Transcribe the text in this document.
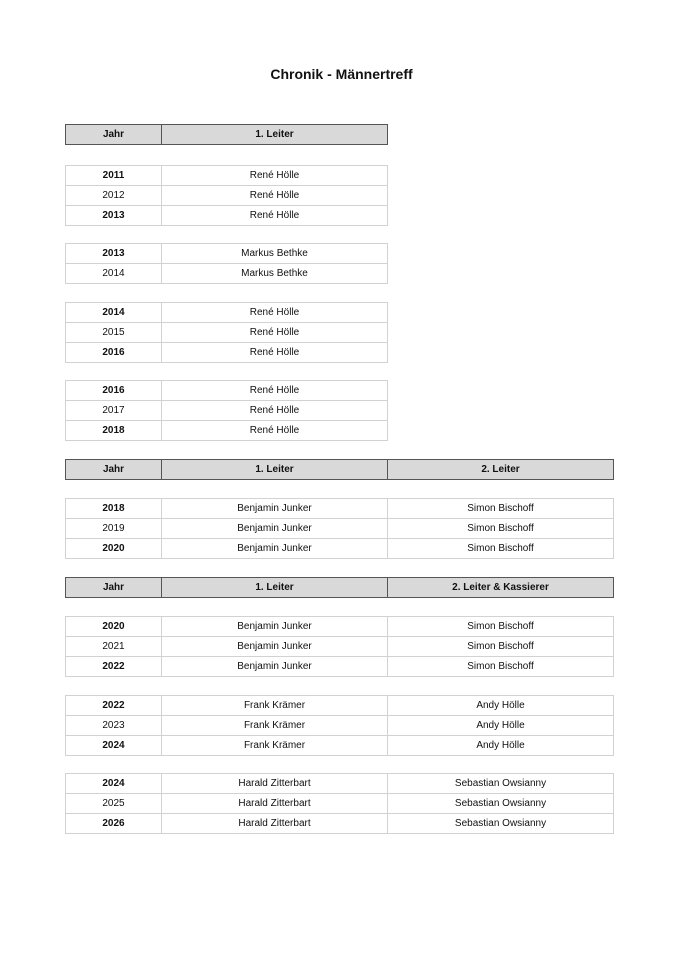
Chronik - Männertreff
Jahr	1. Leiter
2011	René Hölle
2012	René Hölle
2013	René Hölle
2013	Markus Bethke
2014	Markus Bethke
2014	René Hölle
2015	René Hölle
2016	René Hölle
2016	René Hölle
2017	René Hölle
2018	René Hölle
Jahr	1. Leiter	2. Leiter
2018	Benjamin Junker	Simon Bischoff
2019	Benjamin Junker	Simon Bischoff
2020	Benjamin Junker	Simon Bischoff
Jahr	1. Leiter	2. Leiter & Kassierer
2020	Benjamin Junker	Simon Bischoff
2021	Benjamin Junker	Simon Bischoff
2022	Benjamin Junker	Simon Bischoff
2022	Frank Krämer	Andy Hölle
2023	Frank Krämer	Andy Hölle
2024	Frank Krämer	Andy Hölle
2024	Harald Zitterbart	Sebastian Owsianny
2025	Harald Zitterbart	Sebastian Owsianny
2026	Harald Zitterbart	Sebastian Owsianny
